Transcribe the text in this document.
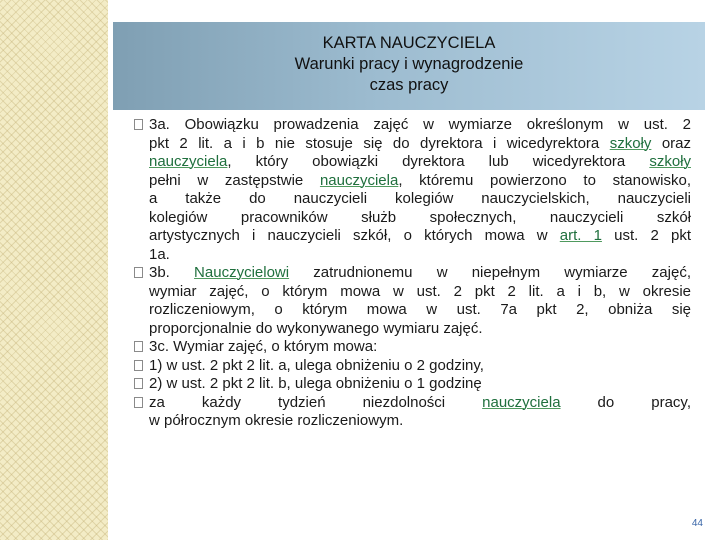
KARTA NAUCZYCIELA
Warunki pracy i wynagrodzenie
czas pracy
3a. Obowiązku prowadzenia zajęć w wymiarze określonym w ust. 2
pkt 2 lit. a i b nie stosuje się do dyrektora i wicedyrektora szkoły oraz
nauczyciela, który obowiązki dyrektora lub wicedyrektora szkoły
pełni w zastępstwie nauczyciela, któremu powierzono to stanowisko,
a także do nauczycieli kolegiów nauczycielskich, nauczycieli
kolegiów pracowników służb społecznych, nauczycieli szkół
artystycznych i nauczycieli szkół, o których mowa w art. 1 ust. 2 pkt
1a.
3b. Nauczycielowi zatrudnionemu w niepełnym wymiarze zajęć,
wymiar zajęć, o którym mowa w ust. 2 pkt 2 lit. a i b, w okresie
rozliczeniowym, o którym mowa w ust. 7a pkt 2, obniża się
proporcjonalnie do wykonywanego wymiaru zajęć.
3c. Wymiar zajęć, o którym mowa:
1) w ust. 2 pkt 2 lit. a, ulega obniżeniu o 2 godziny,
2) w ust. 2 pkt 2 lit. b, ulega obniżeniu o 1 godzinę
za każdy tydzień niezdolności nauczyciela do pracy,
w półrocznym okresie rozliczeniowym.
44
